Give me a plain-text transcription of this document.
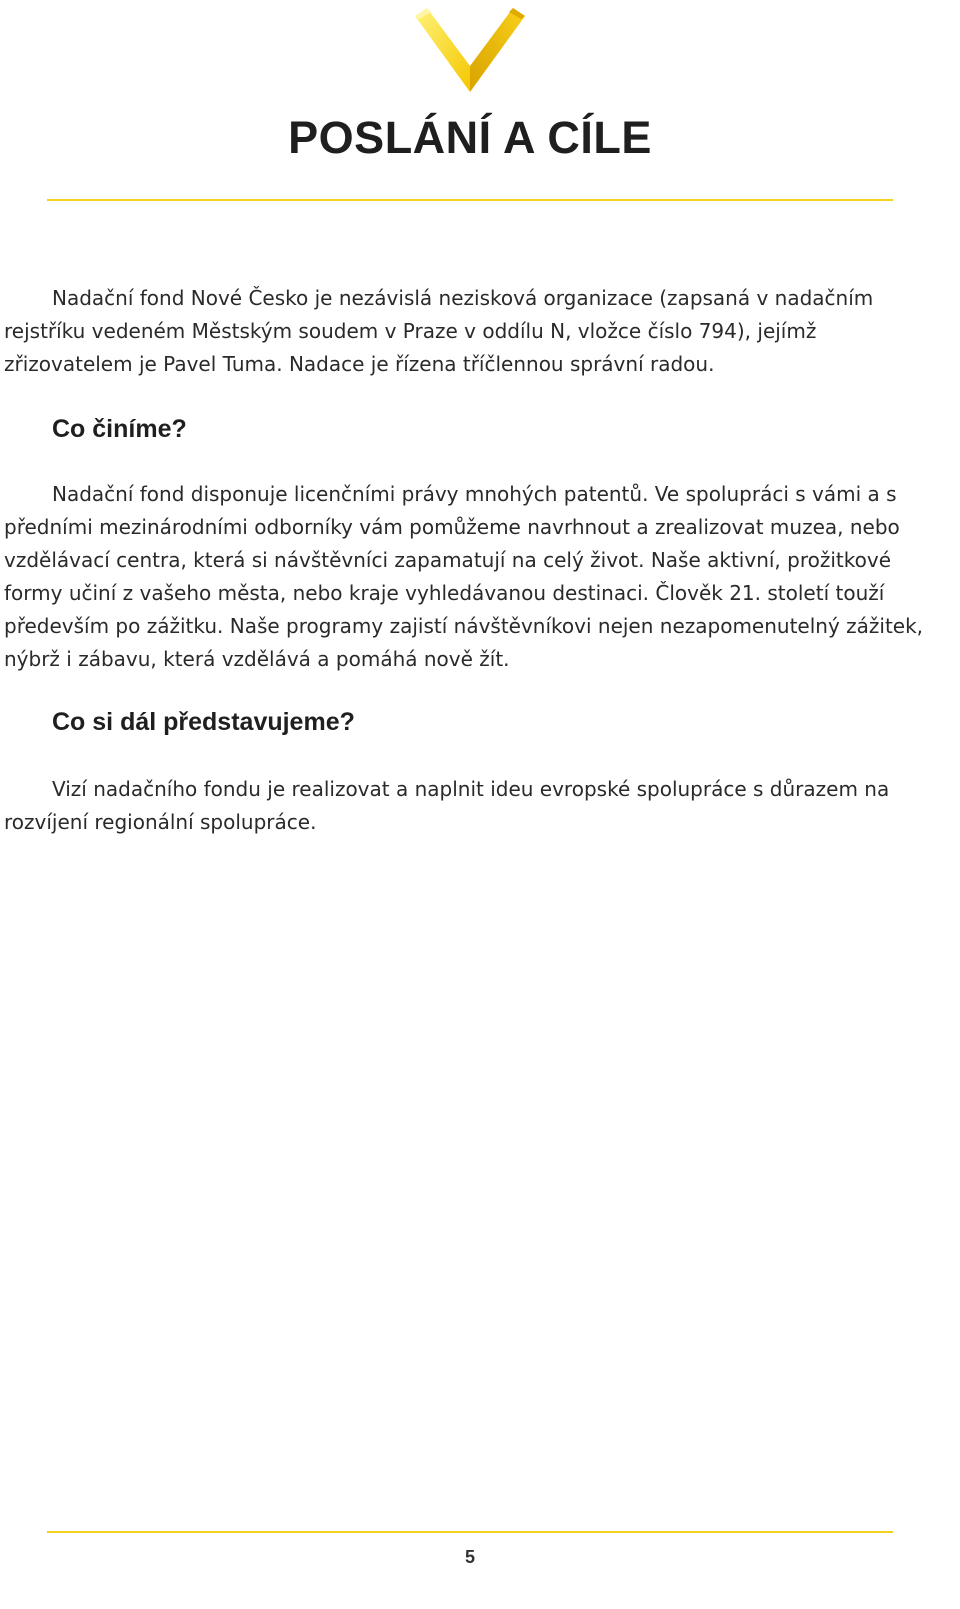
POSLÁNÍ A CÍLE

Nadační fond Nové Česko je nezávislá nezisková organizace (zapsaná v nadačním rejstříku vedeném Městským soudem v Praze v oddílu N, vložce číslo 794), jejímž zřizovatelem je Pavel Tuma. Nadace je řízena tříčlennou správní radou.

Co činíme?

Nadační fond disponuje licenčními právy mnohých patentů. Ve spolupráci s vámi a s předními mezinárodními odborníky vám pomůžeme navrhnout a zrealizovat muzea, nebo vzdělávací centra, která si návštěvníci zapamatují na celý život. Naše aktivní, prožitkové formy učiní z vašeho města, nebo kraje vyhledávanou destinaci. Člověk 21. století touží především po zážitku. Naše programy zajistí návštěvníkovi nejen nezapomenutelný zážitek, nýbrž i zábavu, která vzdělává a pomáhá nově žít.

Co si dál představujeme?

Vizí nadačního fondu je realizovat a naplnit ideu evropské spolupráce s důrazem na rozvíjení regionální spolupráce.

5
